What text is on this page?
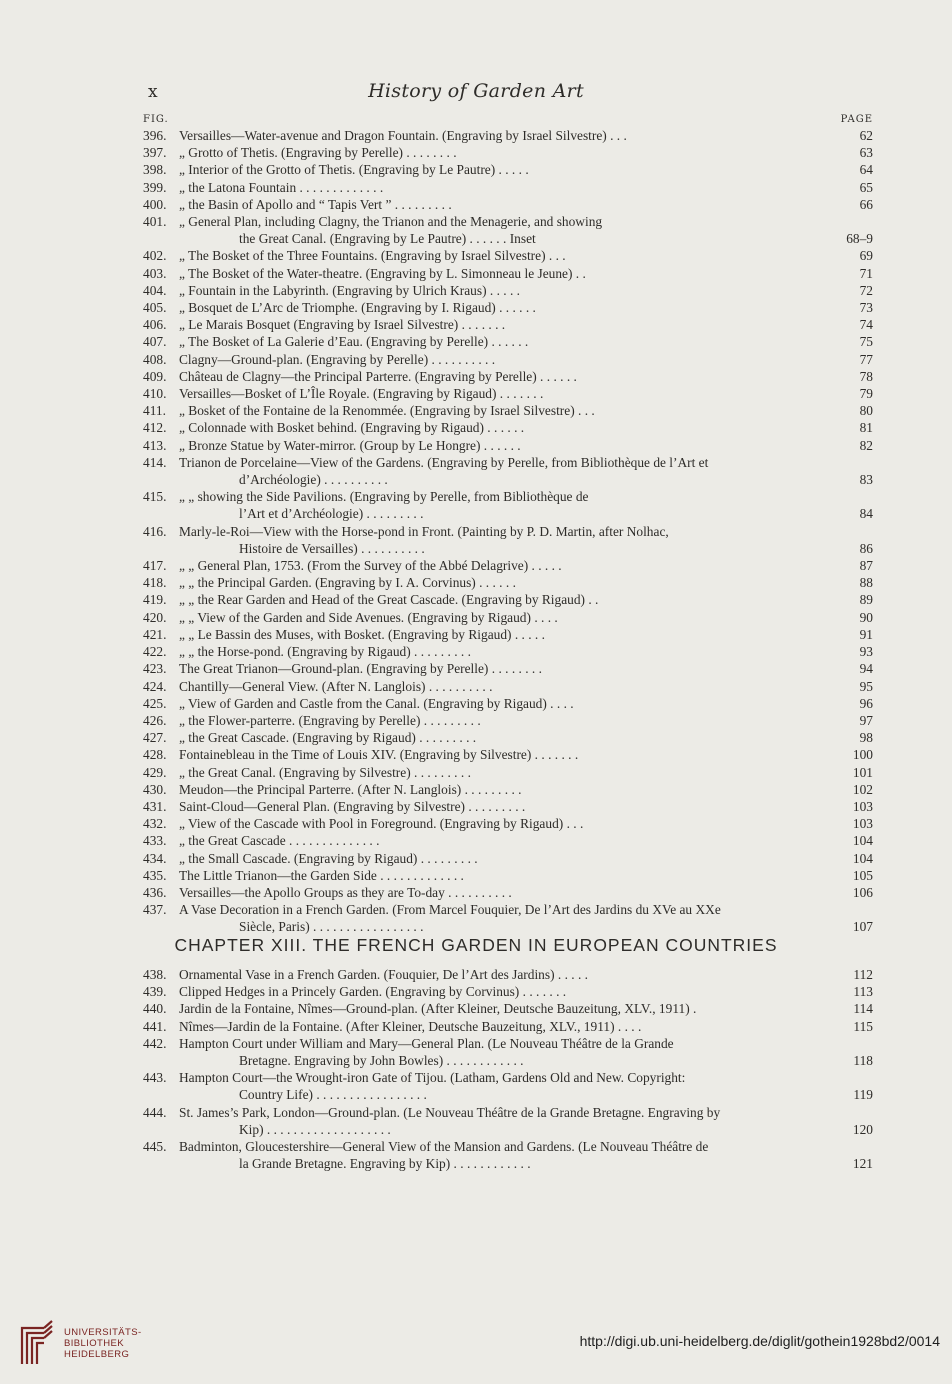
x	History of Garden Art
FIG.	PAGE
396. Versailles—Water-avenue and Dragon Fountain. (Engraving by Israel Silvestre) . . .	62
397. „ Grotto of Thetis. (Engraving by Perelle) . . . . . . . .	63
398. „ Interior of the Grotto of Thetis. (Engraving by Le Pautre) . . . . .	64
399. „ the Latona Fountain . . . . . . . . . . . . .	65
400. „ the Basin of Apollo and “ Tapis Vert ” . . . . . . . . .	66
401. „ General Plan, including Clagny, the Trianon and the Menagerie, and showing
the Great Canal. (Engraving by Le Pautre) . . . . . . Inset	68–9
402. „ The Bosket of the Three Fountains. (Engraving by Israel Silvestre) . . .	69
403. „ The Bosket of the Water-theatre. (Engraving by L. Simonneau le Jeune) . .	71
404. „ Fountain in the Labyrinth. (Engraving by Ulrich Kraus) . . . . .	72
405. „ Bosquet de L’Arc de Triomphe. (Engraving by I. Rigaud) . . . . . .	73
406. „ Le Marais Bosquet (Engraving by Israel Silvestre) . . . . . . .	74
407. „ The Bosket of La Galerie d’Eau. (Engraving by Perelle) . . . . . .	75
408. Clagny—Ground-plan. (Engraving by Perelle) . . . . . . . . . .	77
409. Château de Clagny—the Principal Parterre. (Engraving by Perelle) . . . . . .	78
410. Versailles—Bosket of L’Île Royale. (Engraving by Rigaud) . . . . . . .	79
411. „ Bosket of the Fontaine de la Renommée. (Engraving by Israel Silvestre) . . .	80
412. „ Colonnade with Bosket behind. (Engraving by Rigaud) . . . . . .	81
413. „ Bronze Statue by Water-mirror. (Group by Le Hongre) . . . . . .	82
414. Trianon de Porcelaine—View of the Gardens. (Engraving by Perelle, from Bibliothèque de l’Art et
d’Archéologie) . . . . . . . . . .	83
415. „ „ showing the Side Pavilions. (Engraving by Perelle, from Bibliothèque de
l’Art et d’Archéologie) . . . . . . . . .	84
416. Marly-le-Roi—View with the Horse-pond in Front. (Painting by P. D. Martin, after Nolhac,
Histoire de Versailles) . . . . . . . . . .	86
417. „ „ General Plan, 1753. (From the Survey of the Abbé Delagrive) . . . . .	87
418. „ „ the Principal Garden. (Engraving by I. A. Corvinus) . . . . . .	88
419. „ „ the Rear Garden and Head of the Great Cascade. (Engraving by Rigaud) . .	89
420. „ „ View of the Garden and Side Avenues. (Engraving by Rigaud) . . . .	90
421. „ „ Le Bassin des Muses, with Bosket. (Engraving by Rigaud) . . . . .	91
422. „ „ the Horse-pond. (Engraving by Rigaud) . . . . . . . . .	93
423. The Great Trianon—Ground-plan. (Engraving by Perelle) . . . . . . . .	94
424. Chantilly—General View. (After N. Langlois) . . . . . . . . . .	95
425. „ View of Garden and Castle from the Canal. (Engraving by Rigaud) . . . .	96
426. „ the Flower-parterre. (Engraving by Perelle) . . . . . . . . .	97
427. „ the Great Cascade. (Engraving by Rigaud) . . . . . . . . .	98
428. Fontainebleau in the Time of Louis XIV. (Engraving by Silvestre) . . . . . . .	100
429. „ the Great Canal. (Engraving by Silvestre) . . . . . . . . .	101
430. Meudon—the Principal Parterre. (After N. Langlois) . . . . . . . . .	102
431. Saint-Cloud—General Plan. (Engraving by Silvestre) . . . . . . . . .	103
432. „ View of the Cascade with Pool in Foreground. (Engraving by Rigaud) . . .	103
433. „ the Great Cascade . . . . . . . . . . . . . .	104
434. „ the Small Cascade. (Engraving by Rigaud) . . . . . . . . .	104
435. The Little Trianon—the Garden Side . . . . . . . . . . . . .	105
436. Versailles—the Apollo Groups as they are To-day . . . . . . . . . .	106
437. A Vase Decoration in a French Garden. (From Marcel Fouquier, De l’Art des Jardins du XVe au XXe
Siècle, Paris) . . . . . . . . . . . . . . . . .	107
CHAPTER XIII. THE FRENCH GARDEN IN EUROPEAN COUNTRIES
438. Ornamental Vase in a French Garden. (Fouquier, De l’Art des Jardins) . . . . .	112
439. Clipped Hedges in a Princely Garden. (Engraving by Corvinus) . . . . . . .	113
440. Jardin de la Fontaine, Nîmes—Ground-plan. (After Kleiner, Deutsche Bauzeitung, XLV., 1911) .	114
441. Nîmes—Jardin de la Fontaine. (After Kleiner, Deutsche Bauzeitung, XLV., 1911) . . . .	115
442. Hampton Court under William and Mary—General Plan. (Le Nouveau Théâtre de la Grande
Bretagne. Engraving by John Bowles) . . . . . . . . . . . .	118
443. Hampton Court—the Wrought-iron Gate of Tijou. (Latham, Gardens Old and New. Copyright:
Country Life) . . . . . . . . . . . . . . . . .	119
444. St. James’s Park, London—Ground-plan. (Le Nouveau Théâtre de la Grande Bretagne. Engraving by
Kip) . . . . . . . . . . . . . . . . . . .	120
445. Badminton, Gloucestershire—General View of the Mansion and Gardens. (Le Nouveau Théâtre de
la Grande Bretagne. Engraving by Kip) . . . . . . . . . . . .	121
UNIVERSITÄTS-
BIBLIOTHEK
HEIDELBERG
http://digi.ub.uni-heidelberg.de/diglit/gothein1928bd2/0014
